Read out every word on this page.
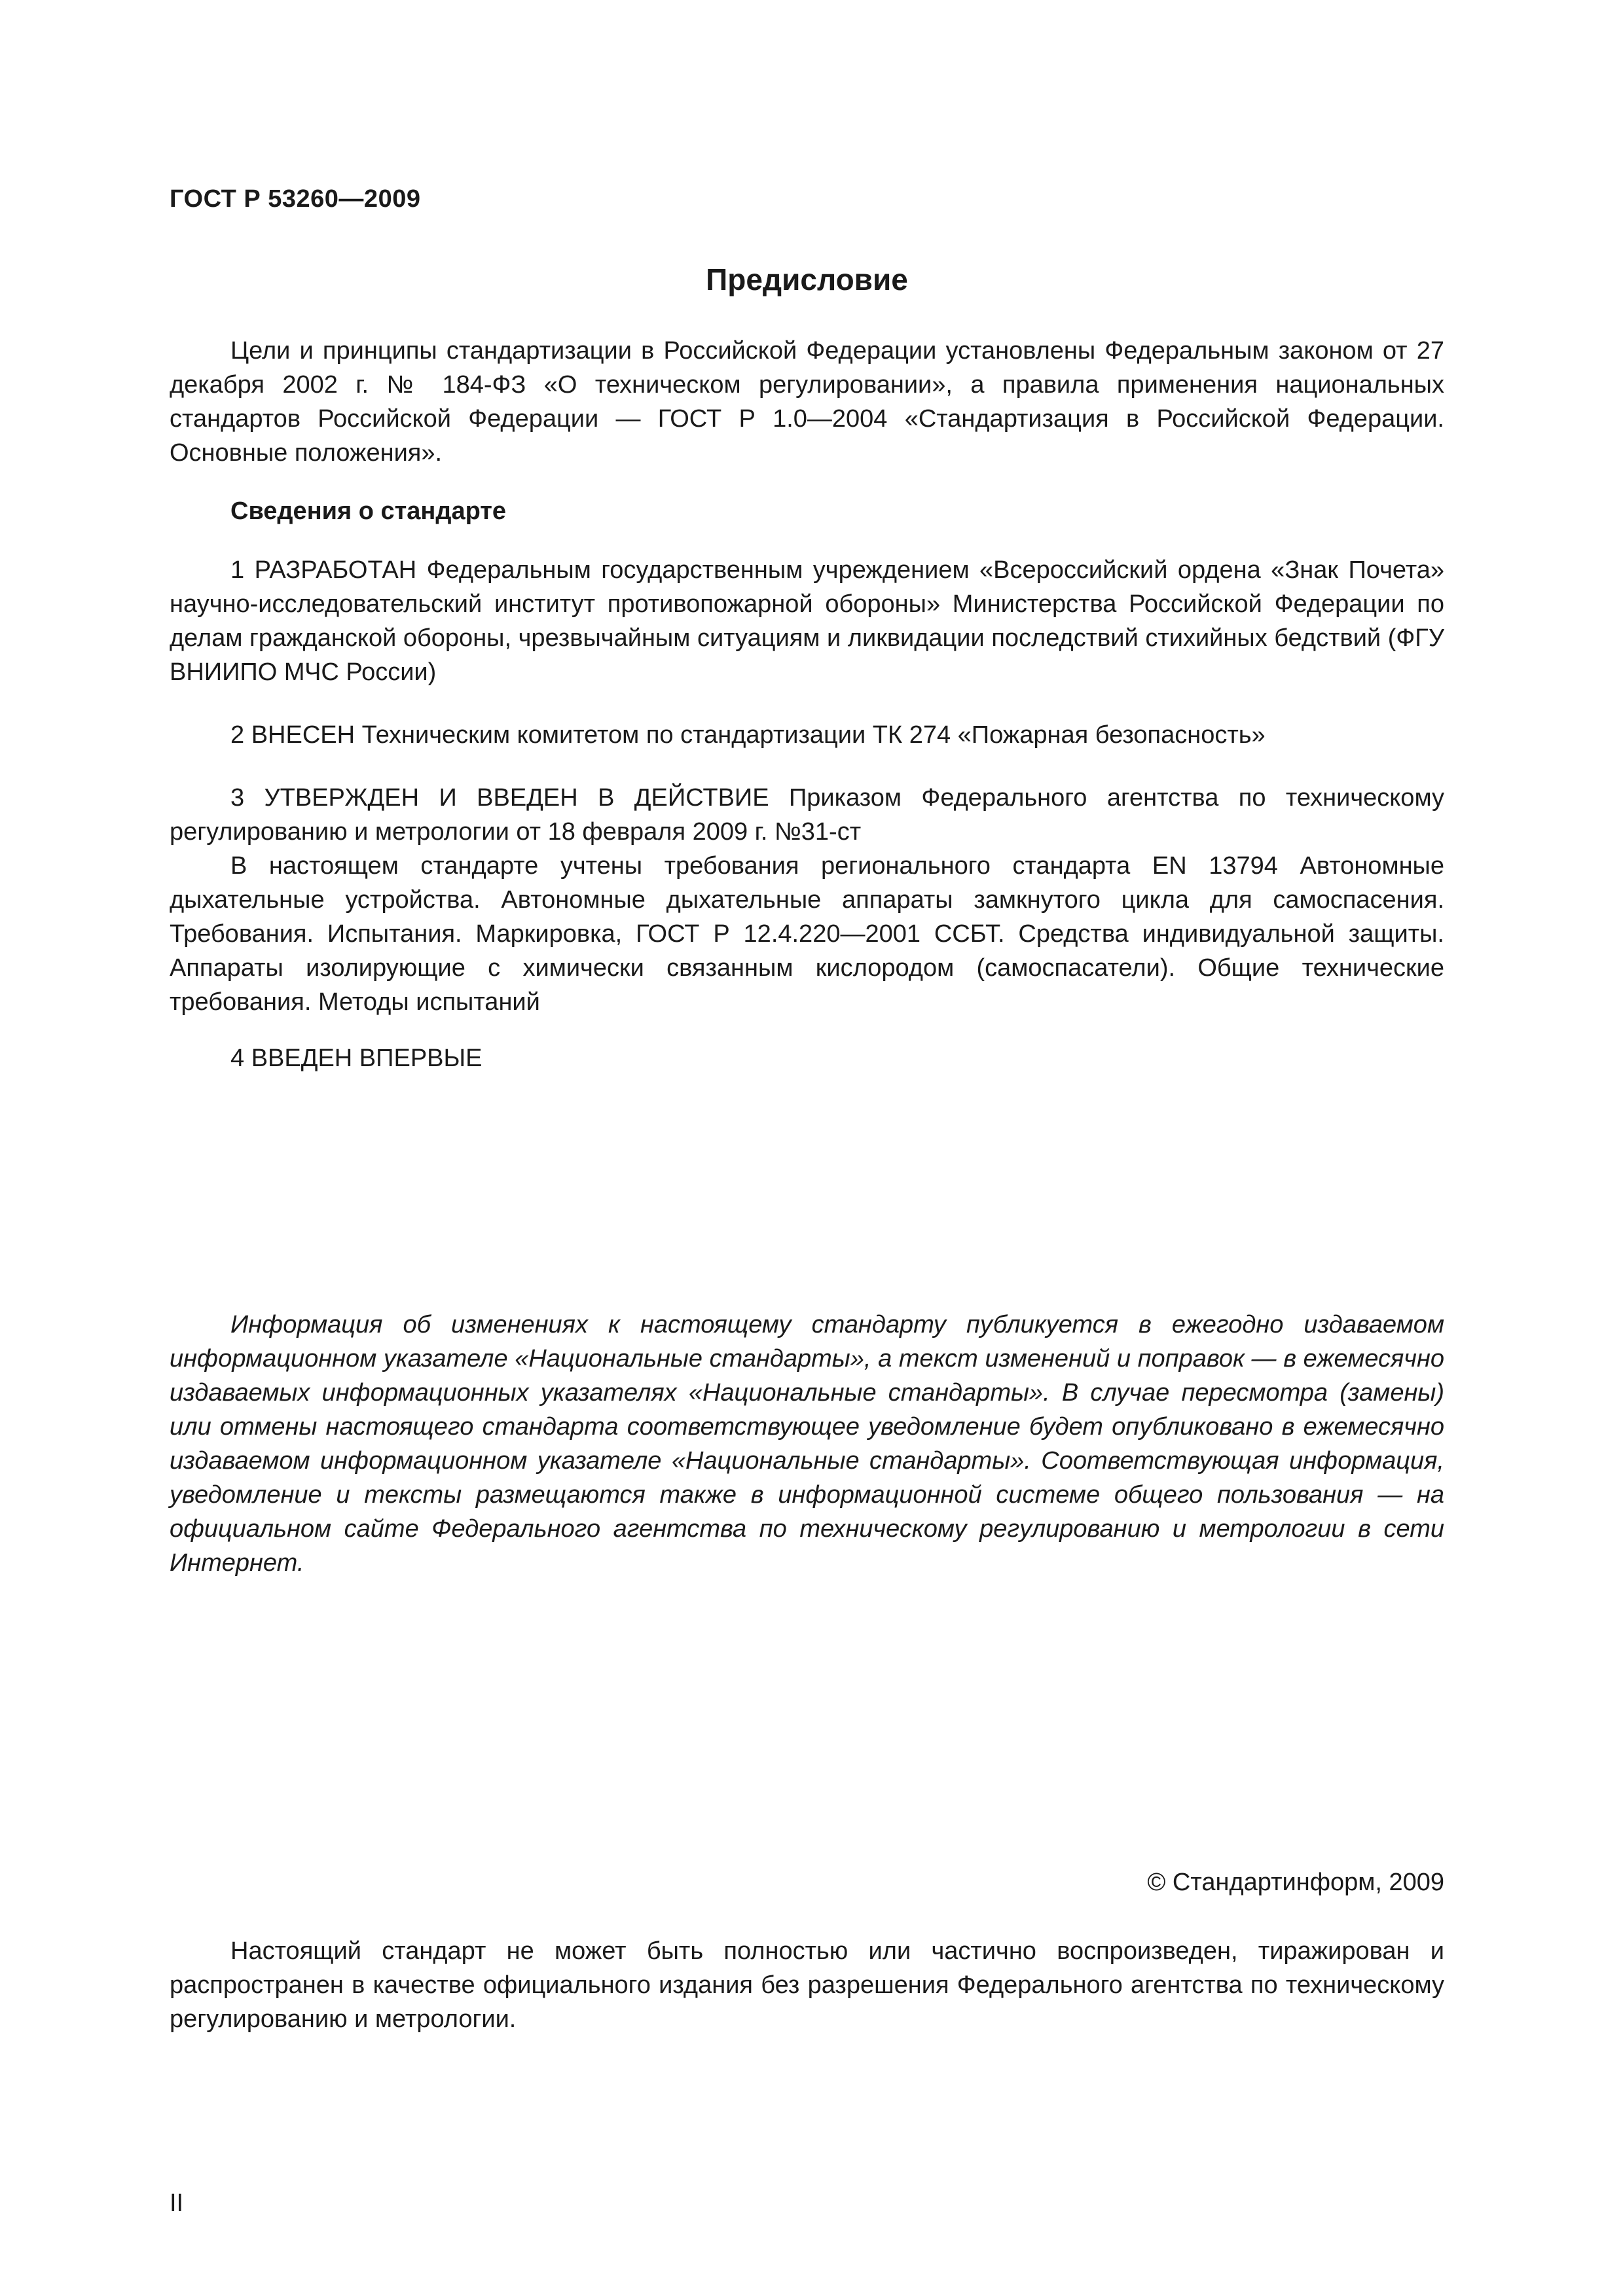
ГОСТ Р 53260—2009
Предисловие
Цели и принципы стандартизации в Российской Федерации установлены Федеральным законом от 27 декабря 2002 г. № 184-ФЗ «О техническом регулировании», а правила применения национальных стандартов Российской Федерации — ГОСТ Р 1.0—2004 «Стандартизация в Российской Федерации. Основные положения».
Сведения о стандарте
1 РАЗРАБОТАН Федеральным государственным учреждением «Всероссийский ордена «Знак Почета» научно-исследовательский институт противопожарной обороны» Министерства Российской Федерации по делам гражданской обороны, чрезвычайным ситуациям и ликвидации последствий стихийных бедствий (ФГУ ВНИИПО МЧС России)
2 ВНЕСЕН Техническим комитетом по стандартизации ТК 274 «Пожарная безопасность»
3 УТВЕРЖДЕН И ВВЕДЕН В ДЕЙСТВИЕ Приказом Федерального агентства по техническому регулированию и метрологии от 18 февраля 2009 г. №31-ст
В настоящем стандарте учтены требования регионального стандарта EN 13794 Автономные дыхательные устройства. Автономные дыхательные аппараты замкнутого цикла для самоспасения. Требования. Испытания. Маркировка, ГОСТ Р 12.4.220—2001 ССБТ. Средства индивидуальной защиты. Аппараты изолирующие с химически связанным кислородом (самоспасатели). Общие технические требования. Методы испытаний
4 ВВЕДЕН ВПЕРВЫЕ
Информация об изменениях к настоящему стандарту публикуется в ежегодно издаваемом информационном указателе «Национальные стандарты», а текст изменений и поправок — в ежемесячно издаваемых информационных указателях «Национальные стандарты». В случае пересмотра (замены) или отмены настоящего стандарта соответствующее уведомление будет опубликовано в ежемесячно издаваемом информационном указателе «Национальные стандарты». Соответствующая информация, уведомление и тексты размещаются также в информационной системе общего пользования — на официальном сайте Федерального агентства по техническому регулированию и метрологии в сети Интернет.
© Стандартинформ, 2009
Настоящий стандарт не может быть полностью или частично воспроизведен, тиражирован и распространен в качестве официального издания без разрешения Федерального агентства по техническому регулированию и метрологии.
II
